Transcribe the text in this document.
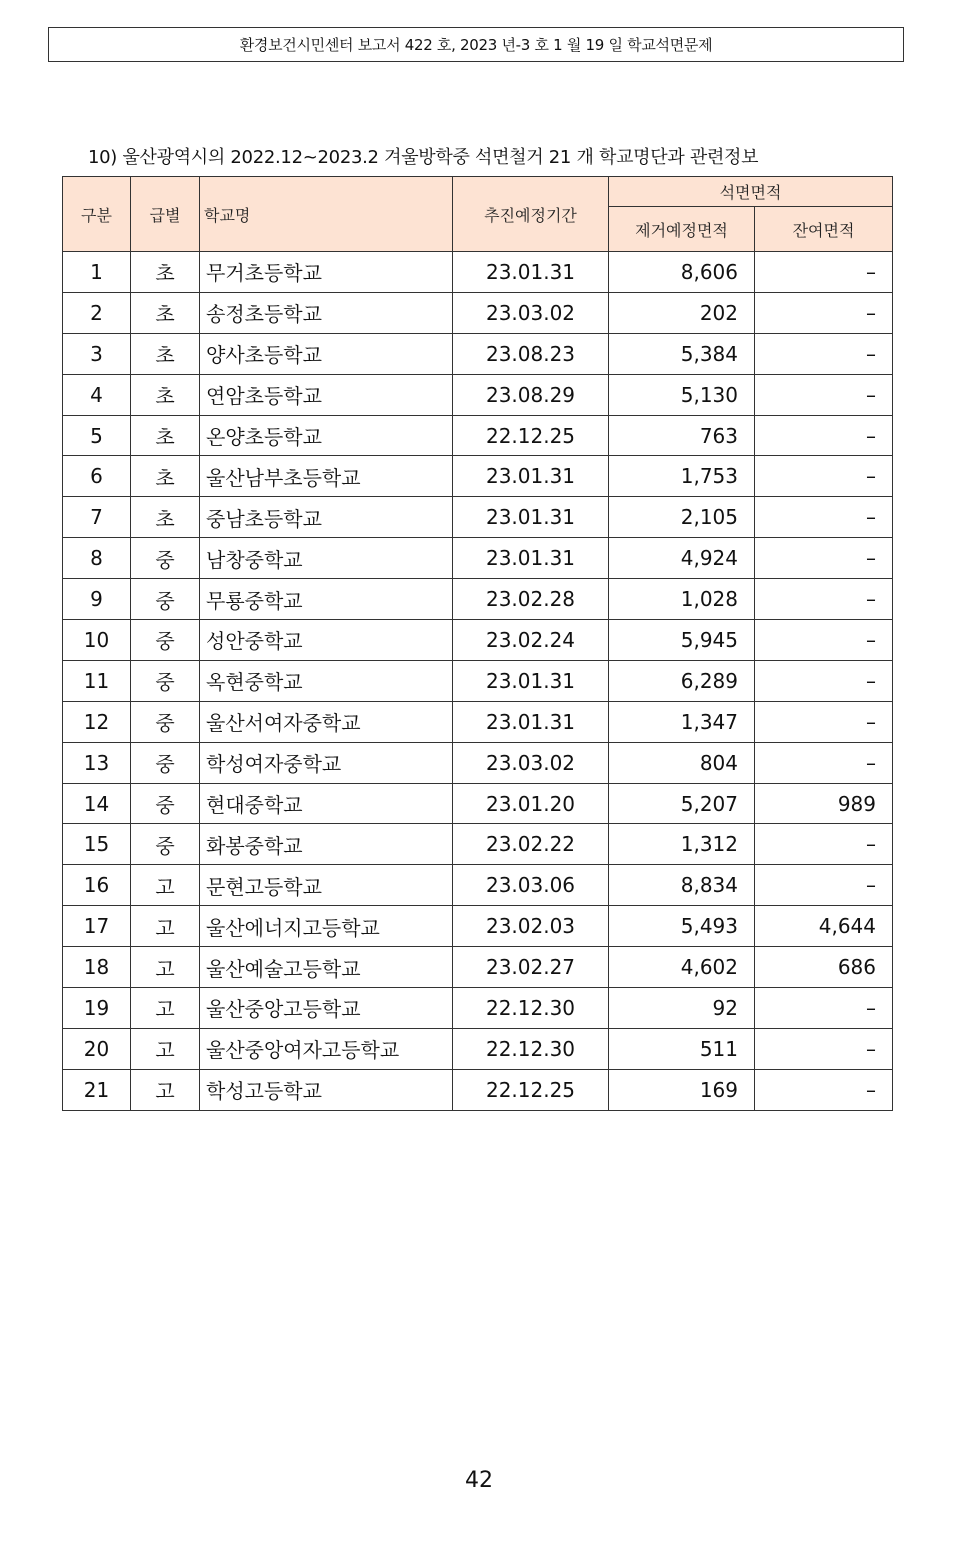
환경보건시민센터 보고서 422 호, 2023 년-3 호 1 월 19 일 학교석면문제
10) 울산광역시의 2022.12~2023.2 겨울방학중 석면철거 21 개 학교명단과 관련정보
구분	급별	학교명	추진예정기간	석면면적	
				제거예정면적	잔여면적
1	초	무거초등학교	23.01.31	8,606	–
2	초	송정초등학교	23.03.02	202	–
3	초	양사초등학교	23.08.23	5,384	–
4	초	연암초등학교	23.08.29	5,130	–
5	초	온양초등학교	22.12.25	763	–
6	초	울산남부초등학교	23.01.31	1,753	–
7	초	중남초등학교	23.01.31	2,105	–
8	중	남창중학교	23.01.31	4,924	–
9	중	무룡중학교	23.02.28	1,028	–
10	중	성안중학교	23.02.24	5,945	–
11	중	옥현중학교	23.01.31	6,289	–
12	중	울산서여자중학교	23.01.31	1,347	–
13	중	학성여자중학교	23.03.02	804	–
14	중	현대중학교	23.01.20	5,207	989
15	중	화봉중학교	23.02.22	1,312	–
16	고	문현고등학교	23.03.06	8,834	–
17	고	울산에너지고등학교	23.02.03	5,493	4,644
18	고	울산예술고등학교	23.02.27	4,602	686
19	고	울산중앙고등학교	22.12.30	92	–
20	고	울산중앙여자고등학교	22.12.30	511	–
21	고	학성고등학교	22.12.25	169	–
42
